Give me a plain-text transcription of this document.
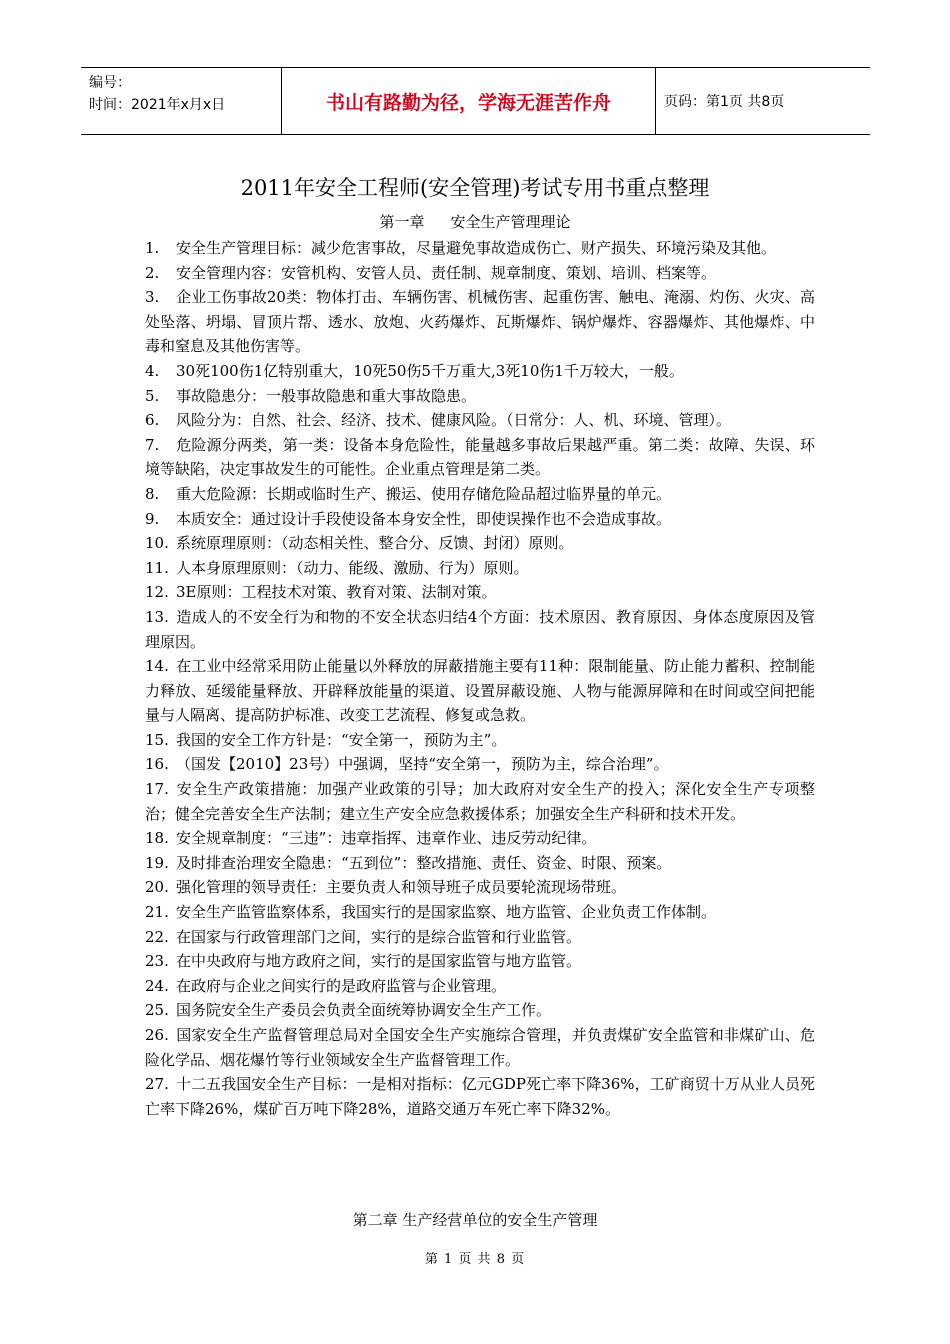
编号：
时间：2021年x月x日	书山有路勤为径，学海无涯苦作舟	页码：第1页 共8页
2011年安全工程师(安全管理)考试专用书重点整理
第一章 安全生产管理理论

1. 安全生产管理目标：减少危害事故，尽量避免事故造成伤亡、财产损失、环境污染及其他。

2. 安全管理内容：安管机构、安管人员、责任制、规章制度、策划、培训、档案等。

3. 企业工伤事故20类：物体打击、车辆伤害、机械伤害、起重伤害、触电、淹溺、灼伤、火灾、高处坠落、坍塌、冒顶片帮、透水、放炮、火药爆炸、瓦斯爆炸、锅炉爆炸、容器爆炸、其他爆炸、中毒和窒息及其他伤害等。

4. 30死100伤1亿特别重大，10死50伤5千万重大,3死10伤1千万较大，一般。

5. 事故隐患分：一般事故隐患和重大事故隐患。

6. 风险分为：自然、社会、经济、技术、健康风险。（日常分：人、机、环境、管理）。

7. 危险源分两类，第一类：设备本身危险性，能量越多事故后果越严重。第二类：故障、失误、环境等缺陷，决定事故发生的可能性。企业重点管理是第二类。

8. 重大危险源：长期或临时生产、搬运、使用存储危险品超过临界量的单元。

9. 本质安全：通过设计手段使设备本身安全性，即使误操作也不会造成事故。

10. 系统原理原则：（动态相关性、整合分、反馈、封闭）原则。

11. 人本身原理原则：（动力、能级、激励、行为）原则。

12. 3E原则：工程技术对策、教育对策、法制对策。

13. 造成人的不安全行为和物的不安全状态归结4个方面：技术原因、教育原因、身体态度原因及管理原因。

14. 在工业中经常采用防止能量以外释放的屏蔽措施主要有11种：限制能量、防止能力蓄积、控制能力释放、延缓能量释放、开辟释放能量的渠道、设置屏蔽设施、人物与能源屏障和在时间或空间把能量与人隔离、提高防护标准、改变工艺流程、修复或急救。

15. 我国的安全工作方针是：“安全第一，预防为主”。

16. （国发【2010】23号）中强调，坚持“安全第一，预防为主，综合治理”。

17. 安全生产政策措施：加强产业政策的引导；加大政府对安全生产的投入；深化安全生产专项整治；健全完善安全生产法制；建立生产安全应急救援体系；加强安全生产科研和技术开发。

18. 安全规章制度：“三违”：违章指挥、违章作业、违反劳动纪律。

19. 及时排查治理安全隐患：“五到位”：整改措施、责任、资金、时限、预案。

20. 强化管理的领导责任：主要负责人和领导班子成员要轮流现场带班。

21. 安全生产监管监察体系，我国实行的是国家监察、地方监管、企业负责工作体制。

22. 在国家与行政管理部门之间，实行的是综合监管和行业监管。

23. 在中央政府与地方政府之间，实行的是国家监管与地方监管。

24. 在政府与企业之间实行的是政府监管与企业管理。

25. 国务院安全生产委员会负责全面统筹协调安全生产工作。

26. 国家安全生产监督管理总局对全国安全生产实施综合管理，并负责煤矿安全监管和非煤矿山、危险化学品、烟花爆竹等行业领域安全生产监督管理工作。

27. 十二五我国安全生产目标：一是相对指标：亿元GDP死亡率下降36%，工矿商贸十万从业人员死亡率下降26%，煤矿百万吨下降28%，道路交通万车死亡率下降32%。

第二章 生产经营单位的安全生产管理
第 1 页 共 8 页
